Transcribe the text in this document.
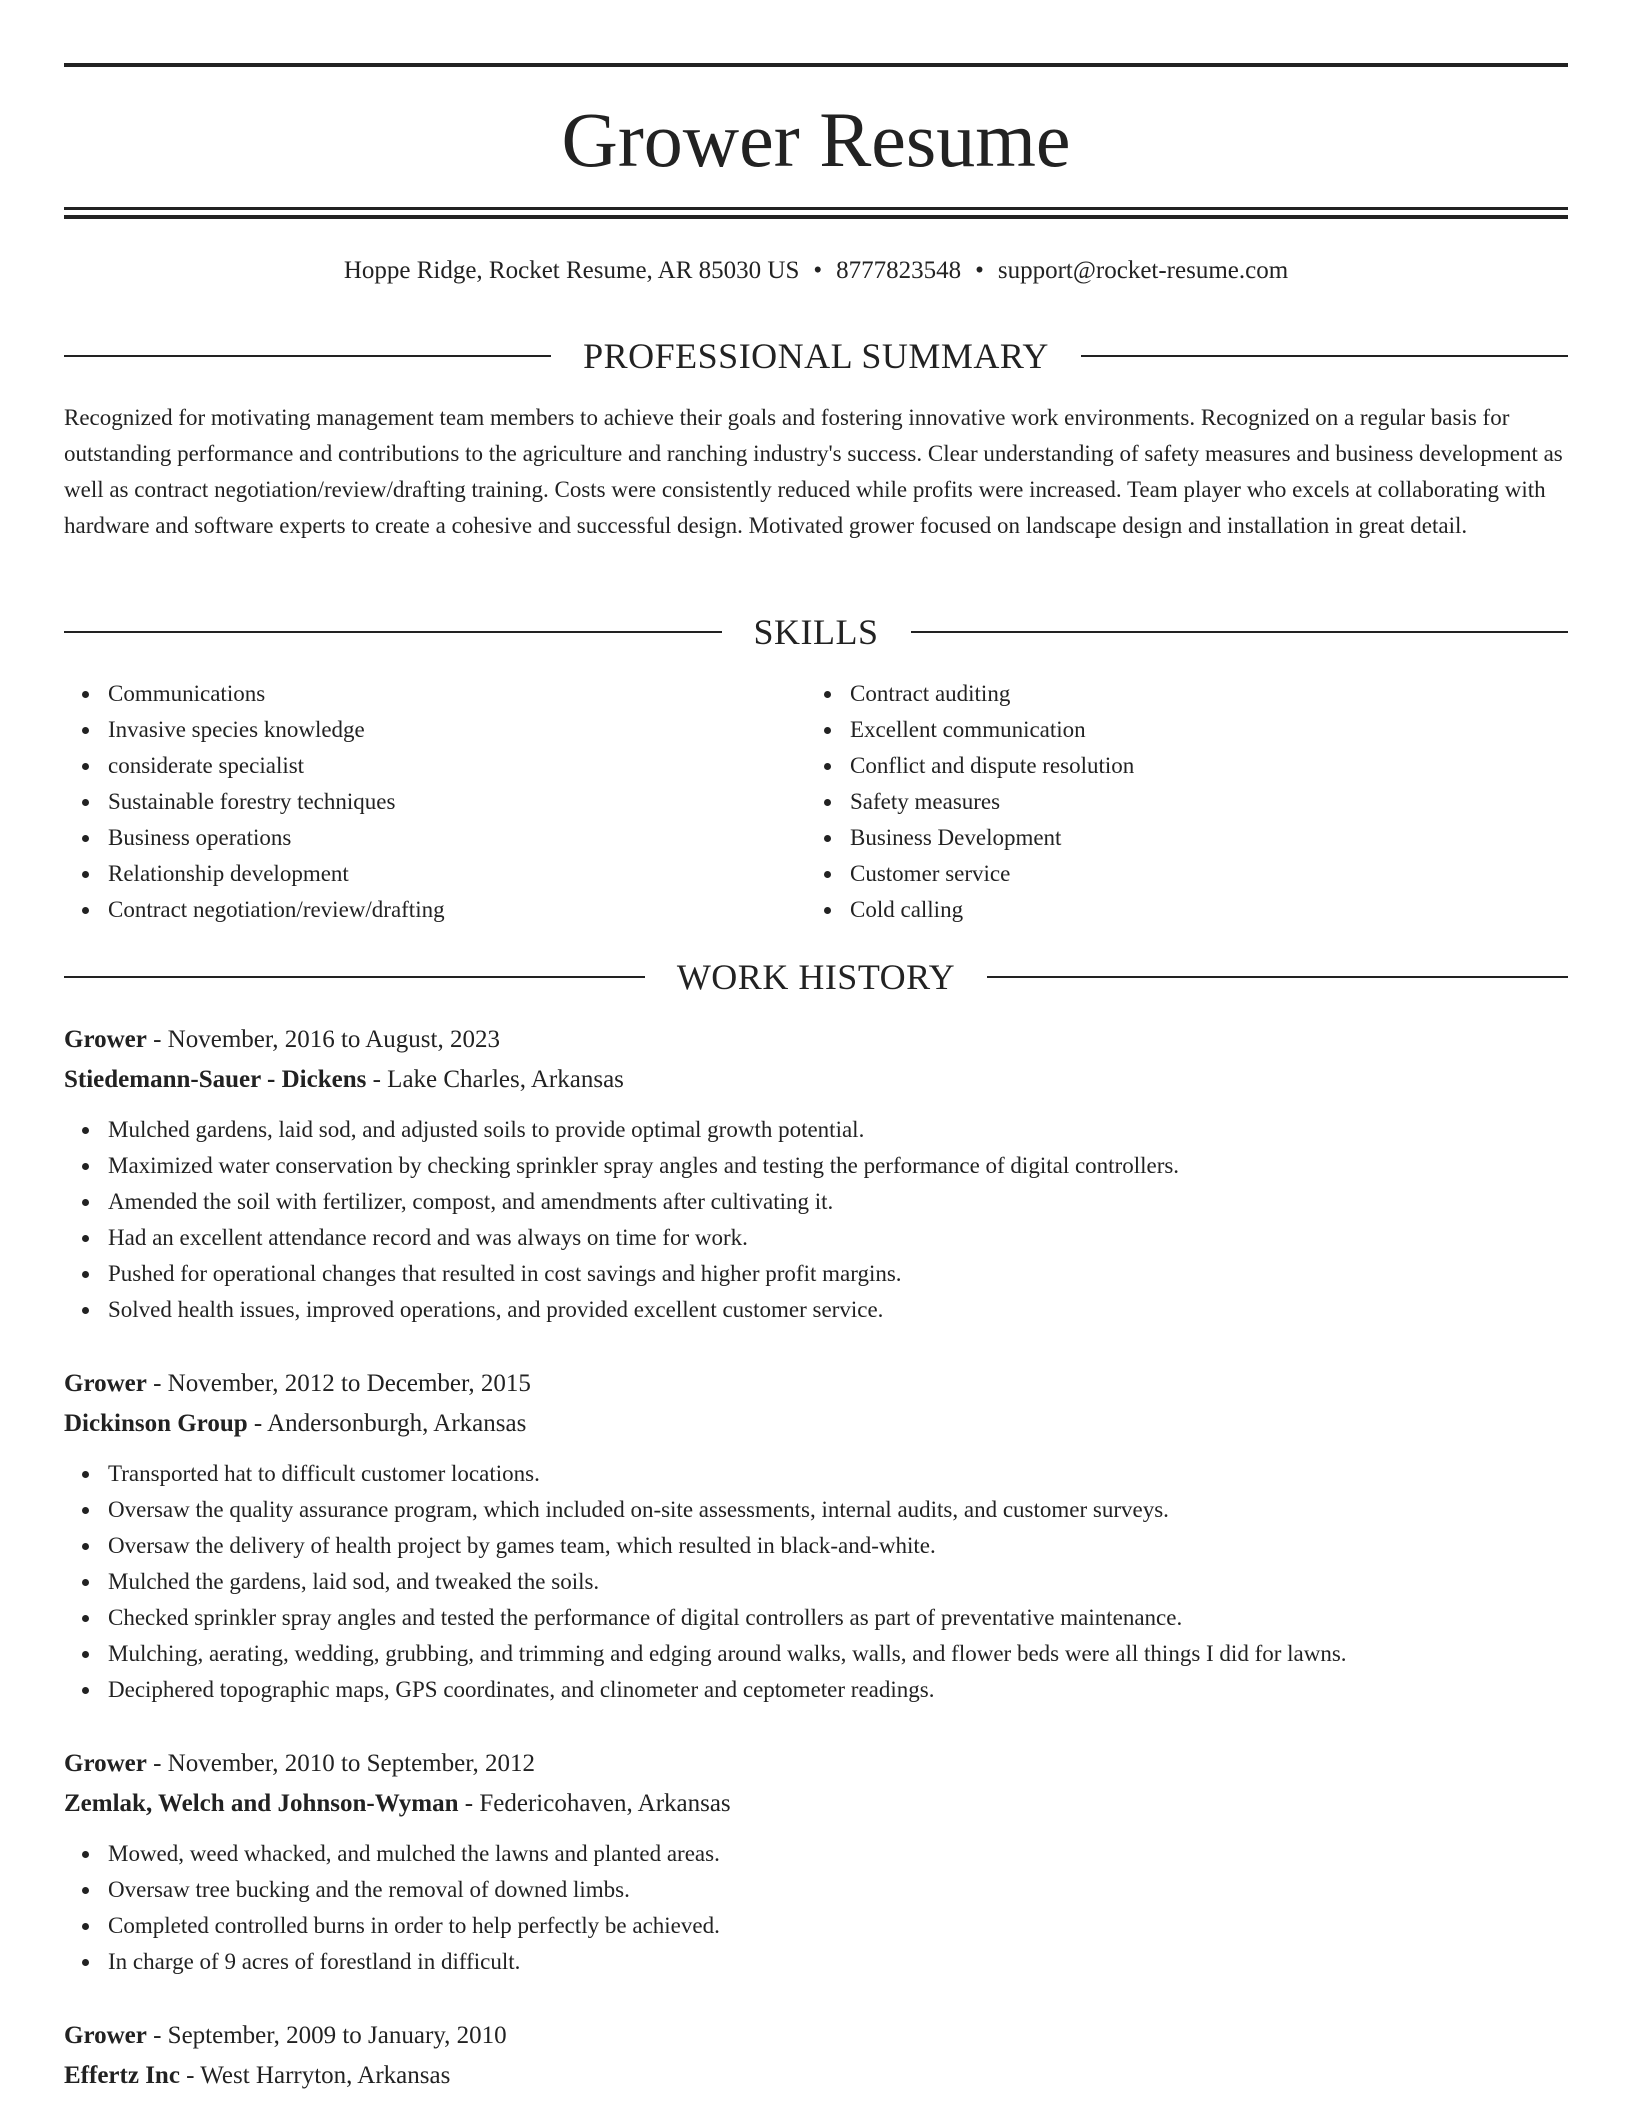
Grower Resume
Hoppe Ridge, Rocket Resume, AR 85030 US • 8777823548 • support@rocket-resume.com
PROFESSIONAL SUMMARY

Recognized for motivating management team members to achieve their goals and fostering innovative work environments. Recognized on a regular basis for outstanding performance and contributions to the agriculture and ranching industry's success. Clear understanding of safety measures and business development as well as contract negotiation/review/drafting training. Costs were consistently reduced while profits were increased. Team player who excels at collaborating with hardware and software experts to create a cohesive and successful design. Motivated grower focused on landscape design and installation in great detail.

SKILLS
Communications
Invasive species knowledge
considerate specialist
Sustainable forestry techniques
Business operations
Relationship development
Contract negotiation/review/drafting
Contract auditing
Excellent communication
Conflict and dispute resolution
Safety measures
Business Development
Customer service
Cold calling
WORK HISTORY

Grower - November, 2016 to August, 2023

Stiedemann-Sauer - Dickens - Lake Charles, Arkansas

Mulched gardens, laid sod, and adjusted soils to provide optimal growth potential.
Maximized water conservation by checking sprinkler spray angles and testing the performance of digital controllers.
Amended the soil with fertilizer, compost, and amendments after cultivating it.
Had an excellent attendance record and was always on time for work.
Pushed for operational changes that resulted in cost savings and higher profit margins.
Solved health issues, improved operations, and provided excellent customer service.

Grower - November, 2012 to December, 2015

Dickinson Group - Andersonburgh, Arkansas

Transported hat to difficult customer locations.
Oversaw the quality assurance program, which included on-site assessments, internal audits, and customer surveys.
Oversaw the delivery of health project by games team, which resulted in black-and-white.
Mulched the gardens, laid sod, and tweaked the soils.
Checked sprinkler spray angles and tested the performance of digital controllers as part of preventative maintenance.
Mulching, aerating, wedding, grubbing, and trimming and edging around walks, walls, and flower beds were all things I did for lawns.
Deciphered topographic maps, GPS coordinates, and clinometer and ceptometer readings.

Grower - November, 2010 to September, 2012

Zemlak, Welch and Johnson-Wyman - Federicohaven, Arkansas

Mowed, weed whacked, and mulched the lawns and planted areas.
Oversaw tree bucking and the removal of downed limbs.
Completed controlled burns in order to help perfectly be achieved.
In charge of 9 acres of forestland in difficult.

Grower - September, 2009 to January, 2010

Effertz Inc - West Harryton, Arkansas
